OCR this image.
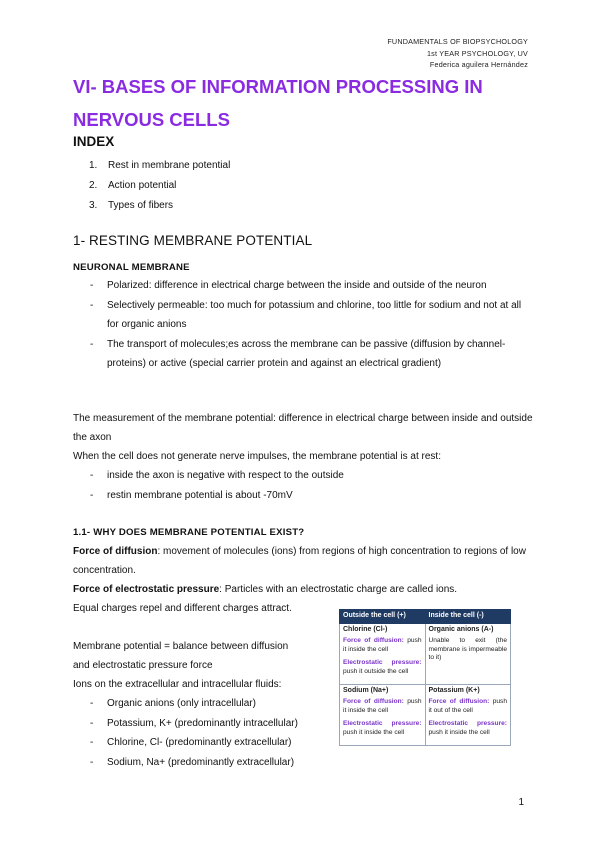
FUNDAMENTALS OF BIOPSYCHOLOGY
1st YEAR PSYCHOLOGY, UV
Federica aguilera Hernández
VI- BASES OF INFORMATION PROCESSING IN NERVOUS CELLS
INDEX
1.	Rest in membrane potential
2.	Action potential
3.	Types of fibers
1- RESTING MEMBRANE POTENTIAL
NEURONAL MEMBRANE
- Polarized: difference in electrical charge between the inside and outside of the neuron
- Selectively permeable: too much for potassium and chlorine, too little for sodium and not at all for organic anions
- The transport of molecules;es across the membrane can be passive (diffusion by channel-proteins) or active (special carrier protein and against an electrical gradient)

The measurement of the membrane potential: difference in electrical charge between inside and outside the axon

When the cell does not generate nerve impulses, the membrane potential is at rest:

- inside the axon is negative with respect to the outside
- restin membrane potential is about -70mV
1.1- WHY DOES MEMBRANE POTENTIAL EXIST?

Force of diffusion: movement of molecules (ions) from regions of high concentration to regions of low concentration.

Force of electrostatic pressure: Particles with an electrostatic charge are called ions.

Equal charges repel and different charges attract.

Membrane potential = balance between diffusion

and electrostatic pressure force

Ions on the extracellular and intracellular fluids:

- Organic anions (only intracellular)
- Potassium, K+ (predominantly intracellular)
- Chlorine, Cl- (predominantly extracellular)
- Sodium, Na+ (predominantly extracellular)
Outside the cell (+)	Inside the cell (-)

Chlorine (Cl-)
Force of diffusion: push it inside the cell
Electrostatic pressure: push it outside the cell	Organic anions (A-)
Unable to exit (the membrane is impermeable to it)

Sodium (Na+)
Force of diffusion: push it inside the cell
Electrostatic pressure: push it inside the cell	Potassium (K+)
Force of diffusion: push it out of the cell
Electrostatic pressure: push it inside the cell
1
